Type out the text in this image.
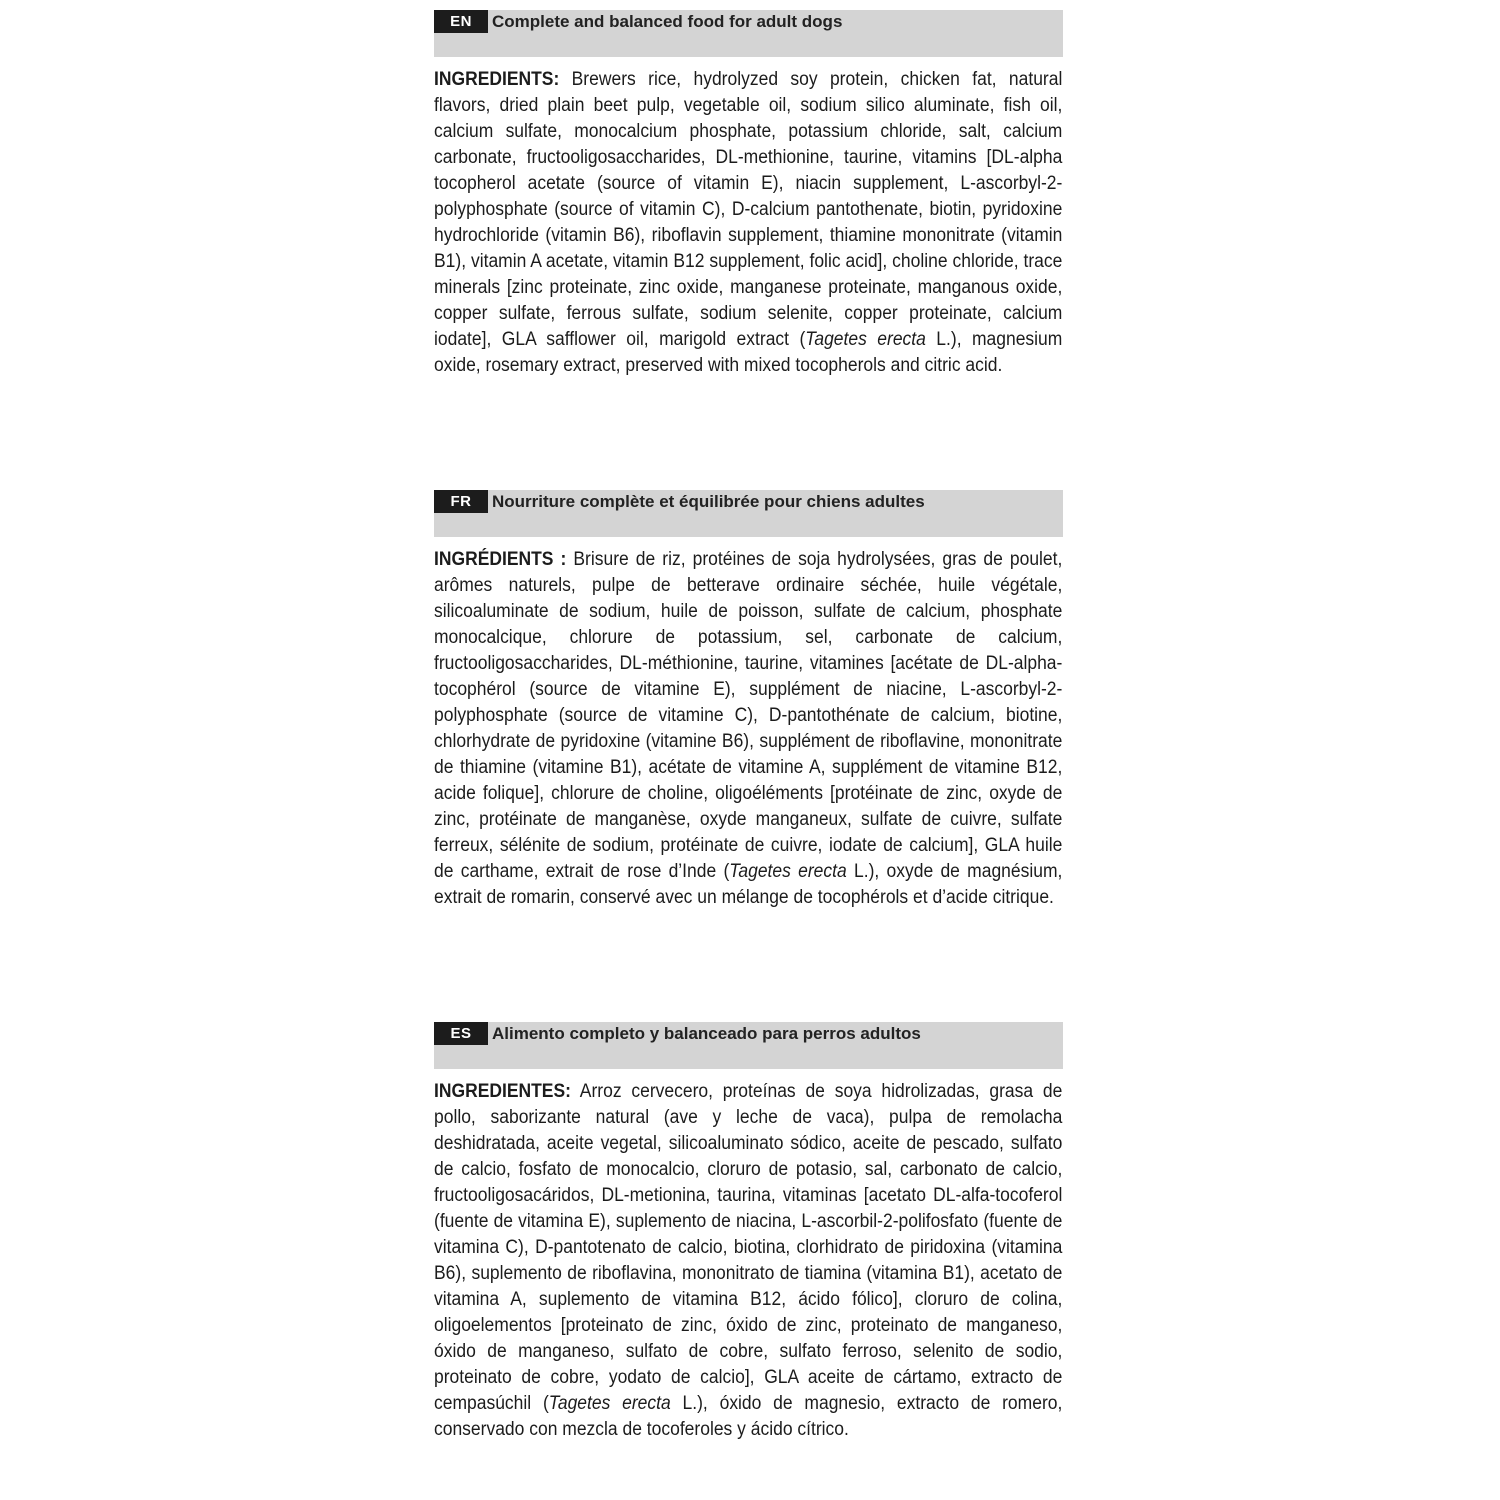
EN	Complete and balanced food for adult dogs

INGREDIENTS: Brewers rice, hydrolyzed soy protein, chicken fat, natural flavors, dried plain beet pulp, vegetable oil, sodium silico aluminate, fish oil, calcium sulfate, monocalcium phosphate, potassium chloride, salt, calcium carbonate, fructooligosaccharides, DL-methionine, taurine, vitamins [DL-alpha tocopherol acetate (source of vitamin E), niacin supplement, L-ascorbyl-2-polyphosphate (source of vitamin C), D-calcium pantothenate, biotin, pyridoxine hydrochloride (vitamin B6), riboflavin supplement, thiamine mononitrate (vitamin B1), vitamin A acetate, vitamin B12 supplement, folic acid], choline chloride, trace minerals [zinc proteinate, zinc oxide, manganese proteinate, manganous oxide, copper sulfate, ferrous sulfate, sodium selenite, copper proteinate, calcium iodate], GLA safflower oil, marigold extract (Tagetes erecta L.), magnesium oxide, rosemary extract, preserved with mixed tocopherols and citric acid.

FR	Nourriture complète et équilibrée pour chiens adultes

INGRÉDIENTS : Brisure de riz, protéines de soja hydrolysées, gras de poulet, arômes naturels, pulpe de betterave ordinaire séchée, huile végétale, silicoaluminate de sodium, huile de poisson, sulfate de calcium, phosphate monocalcique, chlorure de potassium, sel, carbonate de calcium, fructooligosaccharides, DL-méthionine, taurine, vitamines [acétate de DL-alpha-tocophérol (source de vitamine E), supplément de niacine, L-ascorbyl-2-polyphosphate (source de vitamine C), D-pantothénate de calcium, biotine, chlorhydrate de pyridoxine (vitamine B6), supplément de riboflavine, mononitrate de thiamine (vitamine B1), acétate de vitamine A, supplément de vitamine B12, acide folique], chlorure de choline, oligoéléments [protéinate de zinc, oxyde de zinc, protéinate de manganèse, oxyde manganeux, sulfate de cuivre, sulfate ferreux, sélénite de sodium, protéinate de cuivre, iodate de calcium], GLA huile de carthame, extrait de rose d’Inde (Tagetes erecta L.), oxyde de magnésium, extrait de romarin, conservé avec un mélange de tocophérols et d’acide citrique.

ES	Alimento completo y balanceado para perros adultos

INGREDIENTES: Arroz cervecero, proteínas de soya hidrolizadas, grasa de pollo, saborizante natural (ave y leche de vaca), pulpa de remolacha deshidratada, aceite vegetal, silicoaluminato sódico, aceite de pescado, sulfato de calcio, fosfato de monocalcio, cloruro de potasio, sal, carbonato de calcio, fructooligosacáridos, DL-metionina, taurina, vitaminas [acetato DL-alfa-tocoferol (fuente de vitamina E), suplemento de niacina, L-ascorbil-2-polifosfato (fuente de vitamina C), D-pantotenato de calcio, biotina, clorhidrato de piridoxina (vitamina B6), suplemento de riboflavina, mononitrato de tiamina (vitamina B1), acetato de vitamina A, suplemento de vitamina B12, ácido fólico], cloruro de colina, oligoelementos [proteinato de zinc, óxido de zinc, proteinato de manganeso, óxido de manganeso, sulfato de cobre, sulfato ferroso, selenito de sodio, proteinato de cobre, yodato de calcio], GLA aceite de cártamo, extracto de cempasúchil (Tagetes erecta L.), óxido de magnesio, extracto de romero, conservado con mezcla de tocoferoles y ácido cítrico.
